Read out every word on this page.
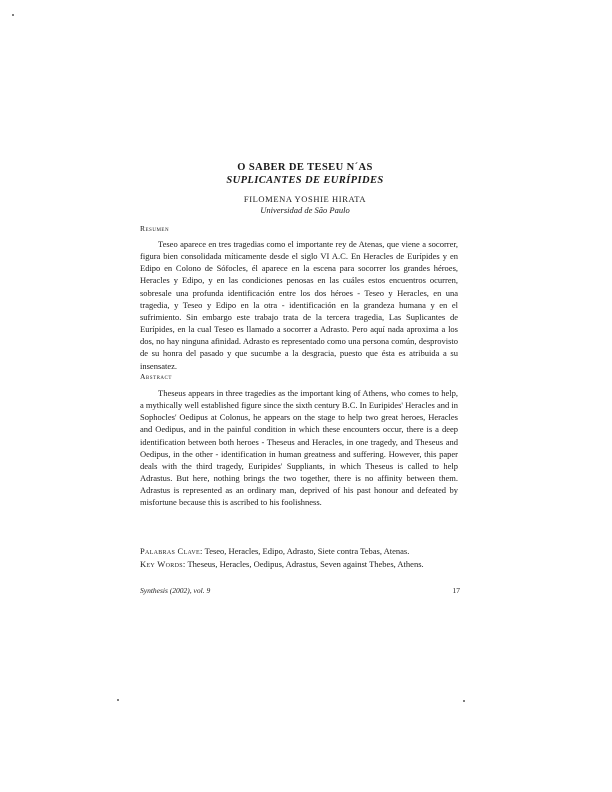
O SABER DE TESEU N´AS
SUPLICANTES DE EURÍPIDES
FILOMENA YOSHIE HIRATA
Universidad de São Paulo
Resumen

Teseo aparece en tres tragedias como el importante rey de Atenas, que viene a socorrer, figura bien consolidada míticamente desde el siglo VI A.C. En Heracles de Eurípides y en Edipo en Colono de Sófocles, él aparece en la escena para socorrer los grandes héroes, Heracles y Edipo, y en las condiciones penosas en las cuáles estos encuentros ocurren, sobresale una profunda identificación entre los dos héroes - Teseo y Heracles, en una tragedia, y Teseo y Edipo en la otra - identificación en la grandeza humana y en el sufrimiento. Sin embargo este trabajo trata de la tercera tragedia, Las Suplicantes de Eurípides, en la cual Teseo es llamado a socorrer a Adrasto. Pero aquí nada aproxima a los dos, no hay ninguna afinidad. Adrasto es representado como una persona común, desprovisto de su honra del pasado y que sucumbe a la desgracia, puesto que ésta es atribuida a su insensatez.

Abstract

Theseus appears in three tragedies as the important king of Athens, who comes to help, a mythically well established figure since the sixth century B.C. In Euripides' Heracles and in Sophocles' Oedipus at Colonus, he appears on the stage to help two great heroes, Heracles and Oedipus, and in the painful condition in which these encounters occur, there is a deep identification between both heroes - Theseus and Heracles, in one tragedy, and Theseus and Oedipus, in the other - identification in human greatness and suffering. However, this paper deals with the third tragedy, Euripides' Suppliants, in which Theseus is called to help Adrastus. But here, nothing brings the two together, there is no affinity between them. Adrastus is represented as an ordinary man, deprived of his past honour and defeated by misfortune because this is ascribed to his foolishness.

Palabras Clave: Teseo, Heracles, Edipo, Adrasto, Siete contra Tebas, Atenas.

Key Words: Theseus, Heracles, Oedipus, Adrastus, Seven against Thebes, Athens.

Synthesis (2002), vol. 9	17
